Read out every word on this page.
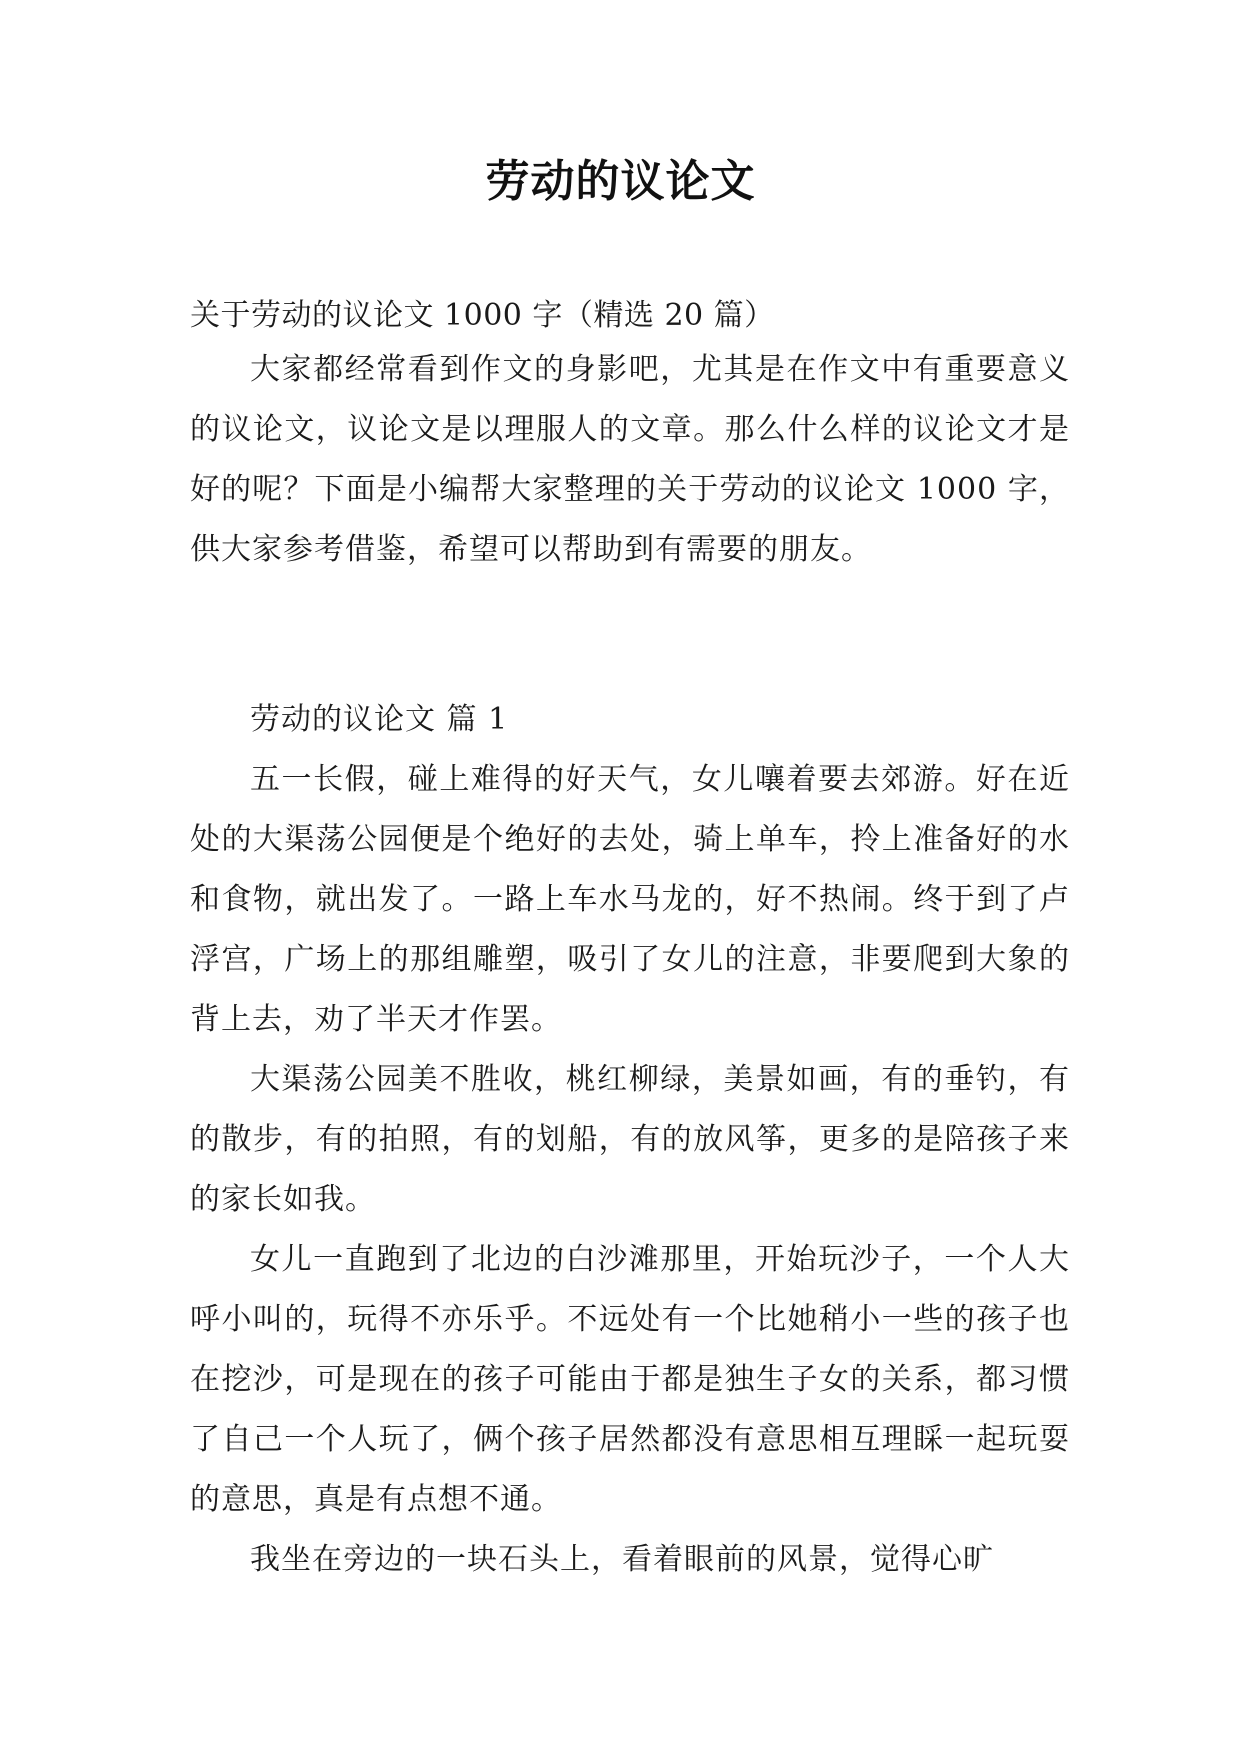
劳动的议论文
关于劳动的议论文 1000 字（精选 20 篇）

大家都经常看到作文的身影吧，尤其是在作文中有重要意义的议论文，议论文是以理服人的文章。那么什么样的议论文才是好的呢？下面是小编帮大家整理的关于劳动的议论文 1000 字，供大家参考借鉴，希望可以帮助到有需要的朋友。

劳动的议论文 篇 1

五一长假，碰上难得的好天气，女儿嚷着要去郊游。好在近处的大渠荡公园便是个绝好的去处，骑上单车，拎上准备好的水和食物，就出发了。一路上车水马龙的，好不热闹。终于到了卢浮宫，广场上的那组雕塑，吸引了女儿的注意，非要爬到大象的背上去，劝了半天才作罢。

大渠荡公园美不胜收，桃红柳绿，美景如画，有的垂钓，有的散步，有的拍照，有的划船，有的放风筝，更多的是陪孩子来的家长如我。

女儿一直跑到了北边的白沙滩那里，开始玩沙子，一个人大呼小叫的，玩得不亦乐乎。不远处有一个比她稍小一些的孩子也在挖沙，可是现在的孩子可能由于都是独生子女的关系，都习惯了自己一个人玩了，俩个孩子居然都没有意思相互理睬一起玩耍的意思，真是有点想不通。

我坐在旁边的一块石头上，看着眼前的风景，觉得心旷
